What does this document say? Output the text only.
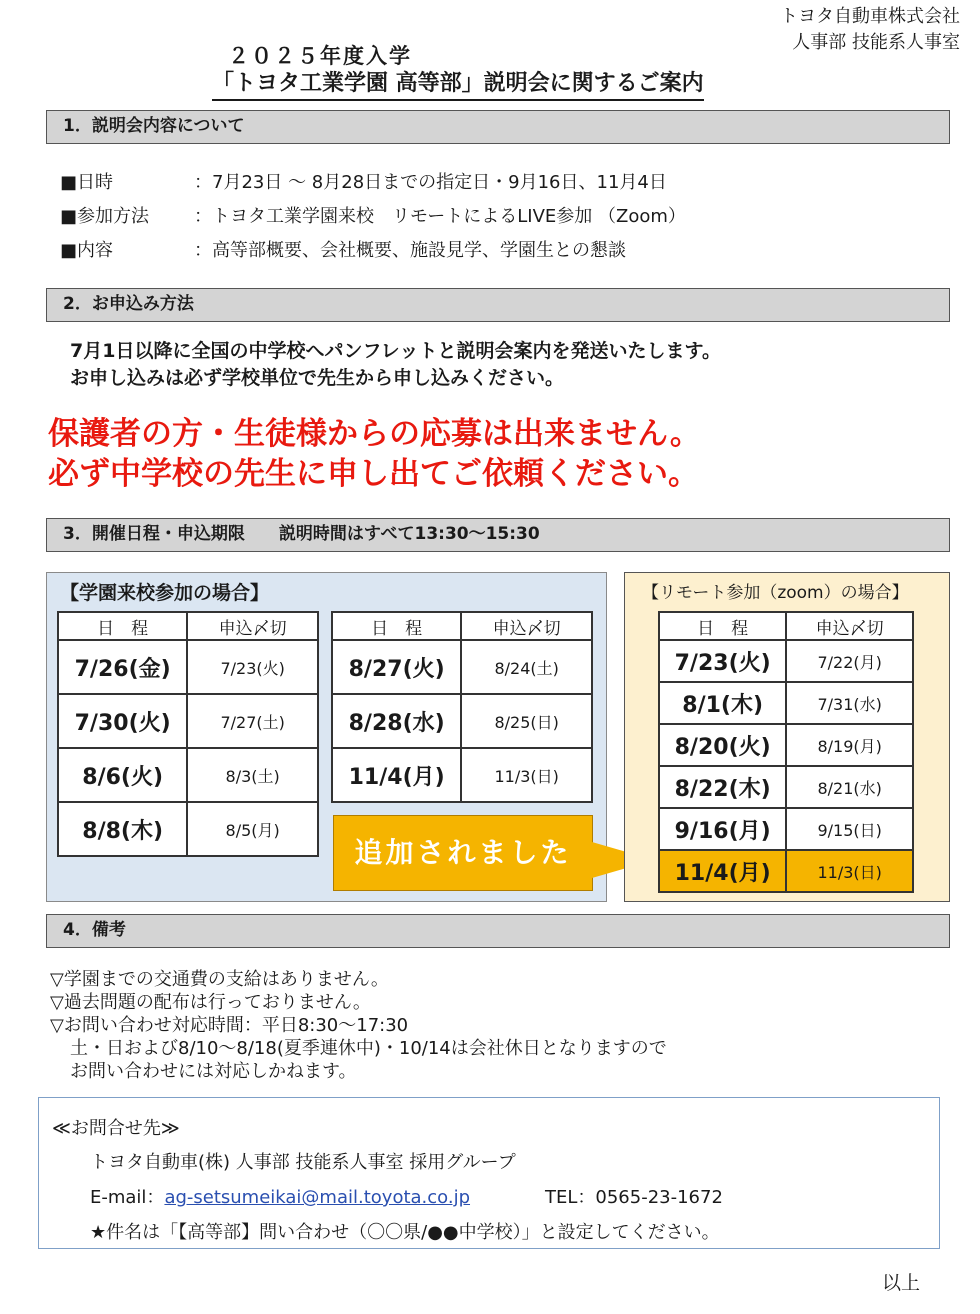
トヨタ自動車株式会社
人事部 技能系人事室
２０２５年度入学
「トヨタ工業学園 高等部」説明会に関するご案内
1．説明会内容について
■日時	：7月23日 〜 8月28日までの指定日・9月16日、11月4日
■参加方法 ：トヨタ工業学園来校　リモートによるLIVE参加 （Zoom）
■内容	：高等部概要、会社概要、施設見学、学園生との懇談
2．お申込み方法
7月1日以降に全国の中学校へパンフレットと説明会案内を発送いたします。
お申し込みは必ず学校単位で先生から申し込みください。
保護者の方・生徒様からの応募は出来ません。
必ず中学校の先生に申し出てご依頼ください。
3．開催日程・申込期限　　説明時間はすべて13:30〜15:30
【学園来校参加の場合】
日　程	申込〆切
7/26(金)	7/23(火)
7/30(火)	7/27(土)
8/6(火)	8/3(土)
8/8(木)	8/5(月)
日　程	申込〆切
8/27(火)	8/24(土)
8/28(水)	8/25(日)
11/4(月)	11/3(日)
追加されました
【リモート参加（zoom）の場合】
日　程	申込〆切
7/23(火)	7/22(月)
8/1(木)	7/31(水)
8/20(火)	8/19(月)
8/22(木)	8/21(水)
9/16(月)	9/15(日)
11/4(月)	11/3(日)
4．備考
▽学園までの交通費の支給はありません。
▽過去問題の配布は行っておりません。
▽お問い合わせ対応時間：平日8:30〜17:30
土・日および8/10〜8/18(夏季連休中)・10/14は会社休日となりますので
お問い合わせには対応しかねます。
≪お問合せ先≫
トヨタ自動車(株) 人事部 技能系人事室 採用グループ
E-mail：ag-setsumeikai@mail.toyota.co.jp	TEL：0565-23-1672
★件名は「【高等部】問い合わせ（〇〇県/●●中学校）」と設定してください。
以上
